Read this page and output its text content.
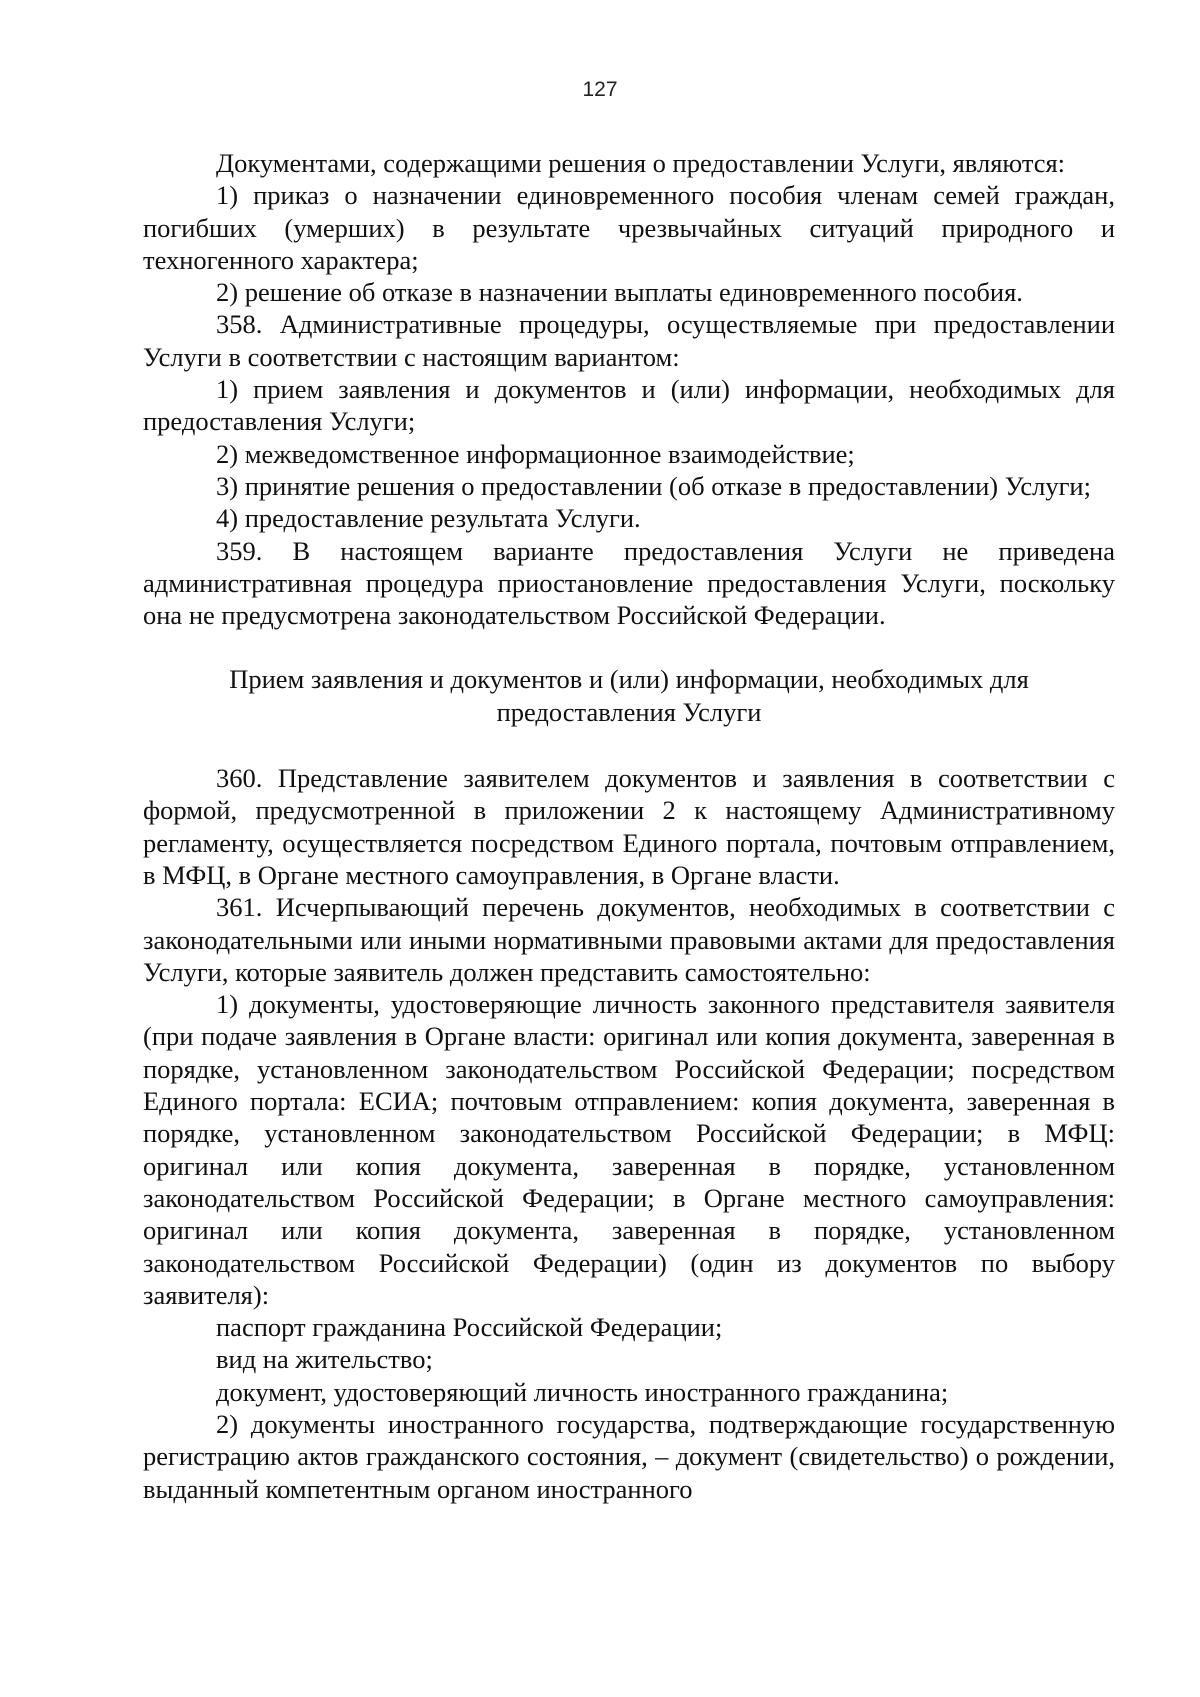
127

Документами, содержащими решения о предоставлении Услуги, являются:

1) приказ о назначении единовременного пособия членам семей граждан, погибших (умерших) в результате чрезвычайных ситуаций природного и техногенного характера;

2) решение об отказе в назначении выплаты единовременного пособия.

358. Административные процедуры, осуществляемые при предоставлении Услуги в соответствии с настоящим вариантом:

1) прием заявления и документов и (или) информации, необходимых для предоставления Услуги;

2) межведомственное информационное взаимодействие;

3) принятие решения о предоставлении (об отказе в предоставлении) Услуги;

4) предоставление результата Услуги.

359. В настоящем варианте предоставления Услуги не приведена административная процедура приостановление предоставления Услуги, поскольку она не предусмотрена законодательством Российской Федерации.

Прием заявления и документов и (или) информации, необходимых для
предоставления Услуги

360. Представление заявителем документов и заявления в соответствии с формой, предусмотренной в приложении 2 к настоящему Административному регламенту, осуществляется посредством Единого портала, почтовым отправлением, в МФЦ, в Органе местного самоуправления, в Органе власти.

361. Исчерпывающий перечень документов, необходимых в соответствии с законодательными или иными нормативными правовыми актами для предоставления Услуги, которые заявитель должен представить самостоятельно:

1) документы, удостоверяющие личность законного представителя заявителя (при подаче заявления в Органе власти: оригинал или копия документа, заверенная в порядке, установленном законодательством Российской Федерации; посредством Единого портала: ЕСИА; почтовым отправлением: копия документа, заверенная в порядке, установленном законодательством Российской Федерации; в МФЦ: оригинал или копия документа, заверенная в порядке, установленном законодательством Российской Федерации; в Органе местного самоуправления: оригинал или копия документа, заверенная в порядке, установленном законодательством Российской Федерации) (один из документов по выбору заявителя):

паспорт гражданина Российской Федерации;

вид на жительство;

документ, удостоверяющий личность иностранного гражданина;

2) документы иностранного государства, подтверждающие государственную регистрацию актов гражданского состояния, – документ (свидетельство) о рождении, выданный компетентным органом иностранного
